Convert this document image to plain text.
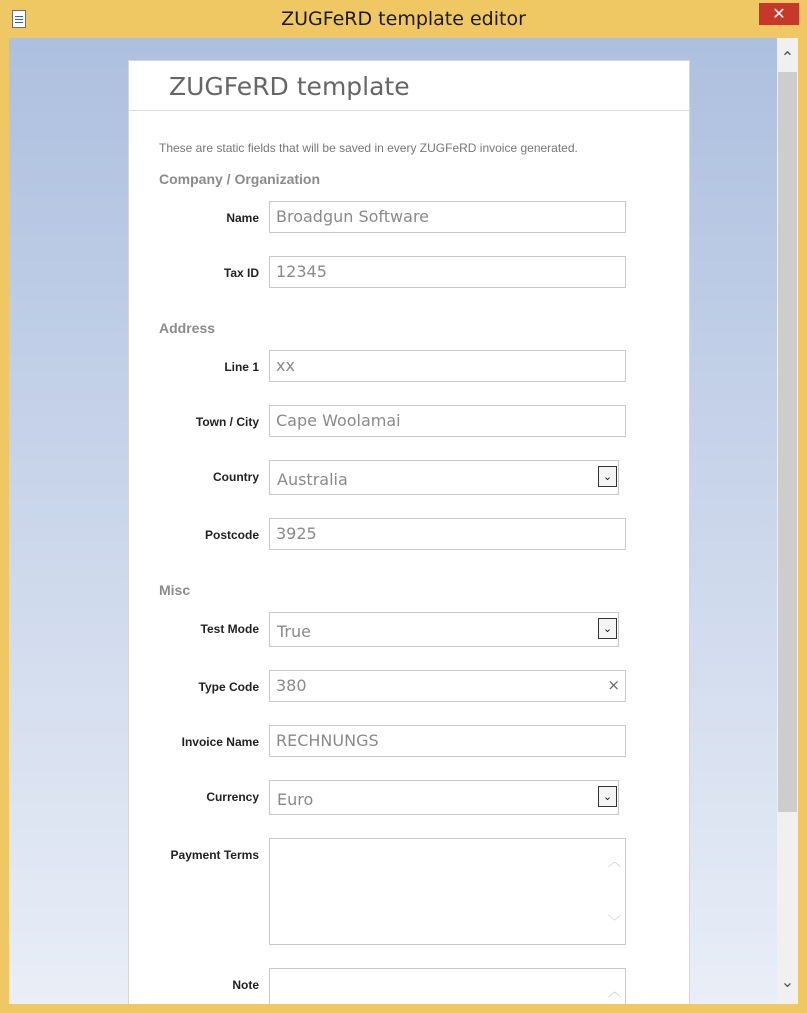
ZUGFeRD template editor	✕
ZUGFeRD template
These are static fields that will be saved in every ZUGFeRD invoice generated.
Company / Organization
Name	Broadgun Software
Tax ID	12345
Address
Line 1	xx
Town / City	Cape Woolamai
Country	Australia	⌄
Postcode	3925
Misc
Test Mode	True	⌄
Type Code	380	×
Invoice Name	RECHNUNGS
Currency	Euro	⌄
Payment Terms	︿
﹀
Note	︿
⌃
⌄
